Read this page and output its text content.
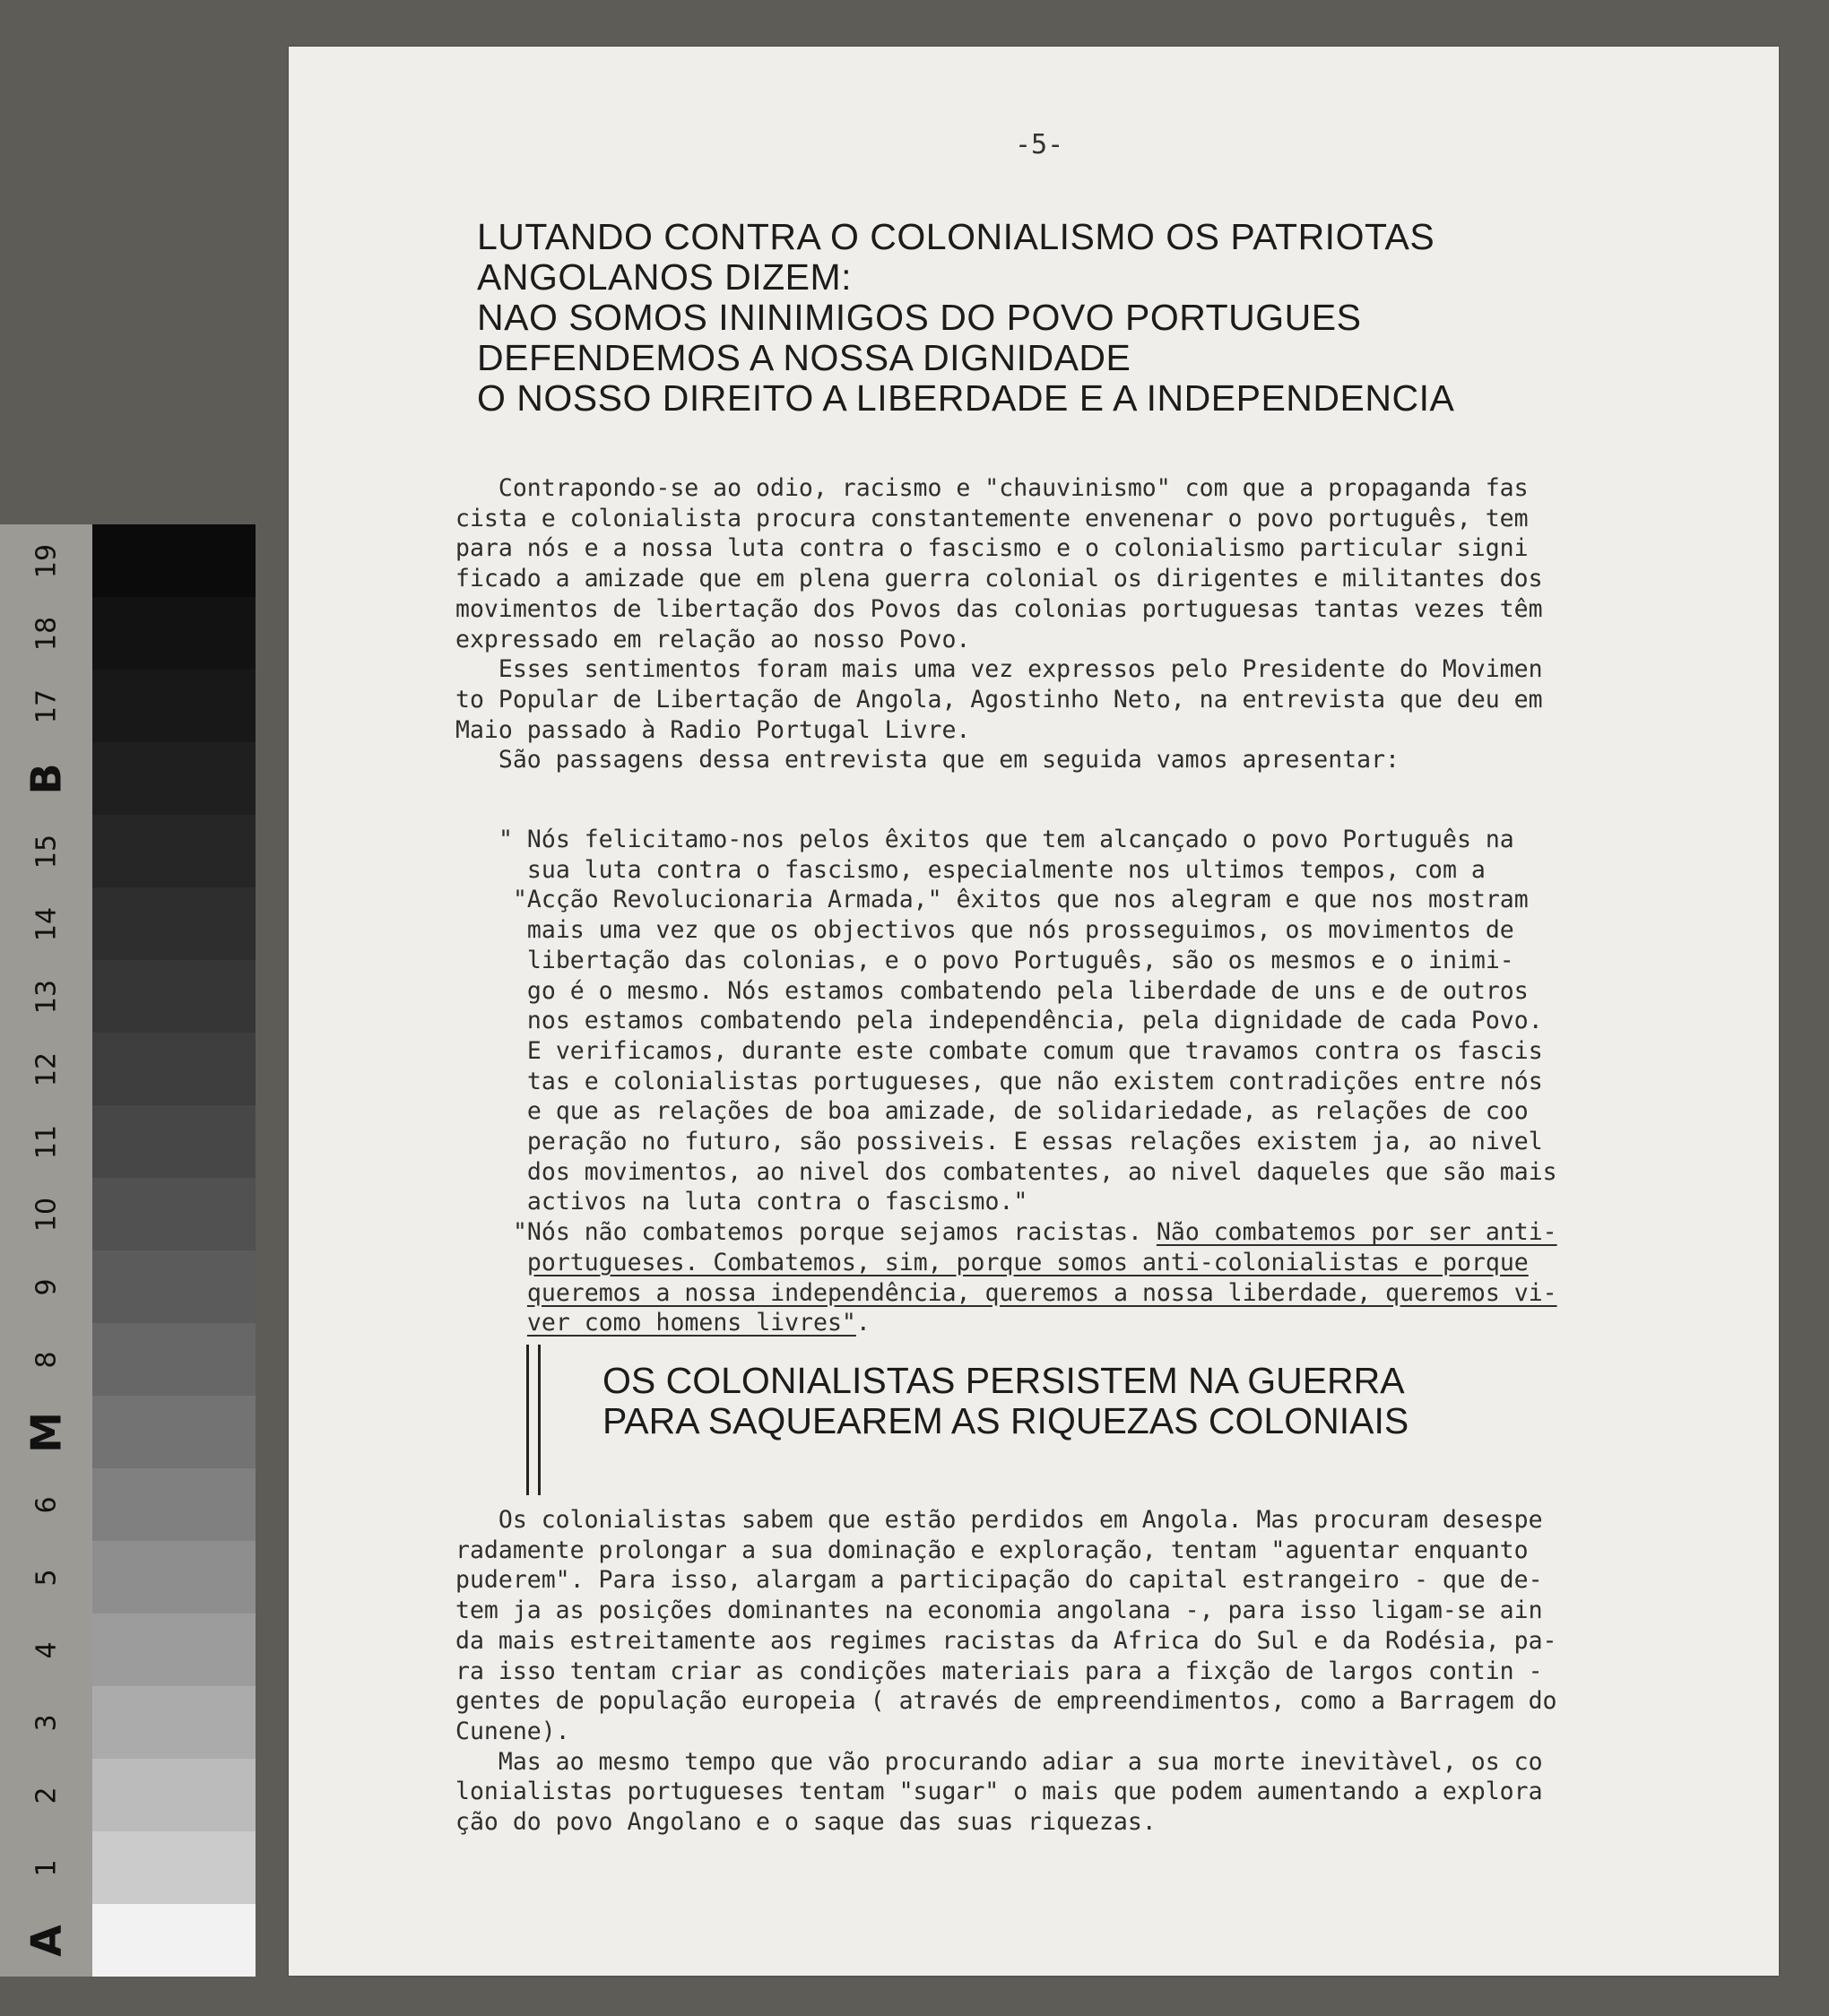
19
18
17
B
15
14
13
12
11
10
9
8
M
6
5
4
3
2
1
A
-5-
LUTANDO CONTRA O COLONIALISMO OS PATRIOTAS
ANGOLANOS DIZEM:
NAO SOMOS ININIMIGOS DO POVO PORTUGUES
DEFENDEMOS A NOSSA DIGNIDADE
O NOSSO DIREITO A LIBERDADE E A INDEPENDENCIA
Contrapondo-se ao odio, racismo e "chauvinismo" com que a propaganda fas
cista e colonialista procura constantemente envenenar o povo português, tem
para nós e a nossa luta contra o fascismo e o colonialismo particular signi
ficado a amizade que em plena guerra colonial os dirigentes e militantes dos
movimentos de libertação dos Povos das colonias portuguesas tantas vezes têm
expressado em relação ao nosso Povo.
Esses sentimentos foram mais uma vez expressos pelo Presidente do Movimen
to Popular de Libertação de Angola, Agostinho Neto, na entrevista que deu em
Maio passado à Radio Portugal Livre.
São passagens dessa entrevista que em seguida vamos apresentar:
" Nós felicitamo-nos pelos êxitos que tem alcançado o povo Português na
sua luta contra o fascismo, especialmente nos ultimos tempos, com a
"Acção Revolucionaria Armada," êxitos que nos alegram e que nos mostram
mais uma vez que os objectivos que nós prosseguimos, os movimentos de
libertação das colonias, e o povo Português, são os mesmos e o inimi-
go é o mesmo. Nós estamos combatendo pela liberdade de uns e de outros
nos estamos combatendo pela independência, pela dignidade de cada Povo.
E verificamos, durante este combate comum que travamos contra os fascis
tas e colonialistas portugueses, que não existem contradições entre nós
e que as relações de boa amizade, de solidariedade, as relações de coo
peração no futuro, são possiveis. E essas relações existem ja, ao nivel
dos movimentos, ao nivel dos combatentes, ao nivel daqueles que são mais
activos na luta contra o fascismo."
"Nós não combatemos porque sejamos racistas. Não combatemos por ser anti-
portugueses. Combatemos, sim, porque somos anti-colonialistas e porque
queremos a nossa independência, queremos a nossa liberdade, queremos vi-
ver como homens livres".
OS COLONIALISTAS PERSISTEM NA GUERRA
PARA SAQUEAREM AS RIQUEZAS COLONIAIS
Os colonialistas sabem que estão perdidos em Angola. Mas procuram desespe
radamente prolongar a sua dominação e exploração, tentam "aguentar enquanto
puderem". Para isso, alargam a participação do capital estrangeiro - que de-
tem ja as posições dominantes na economia angolana -, para isso ligam-se ain
da mais estreitamente aos regimes racistas da Africa do Sul e da Rodésia, pa-
ra isso tentam criar as condições materiais para a fixção de largos contin -
gentes de população europeia ( através de empreendimentos, como a Barragem do
Cunene).
Mas ao mesmo tempo que vão procurando adiar a sua morte inevitàvel, os co
lonialistas portugueses tentam "sugar" o mais que podem aumentando a explora
ção do povo Angolano e o saque das suas riquezas.
